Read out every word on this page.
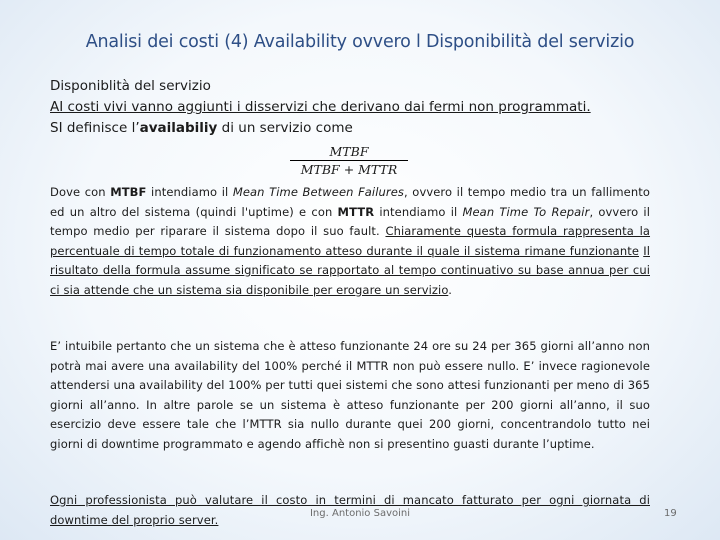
Analisi dei costi (4) Availability ovvero l Disponibilità del servizio
Disponiblità del servizio
AI costi vivi vanno aggiunti i disservizi che derivano dai fermi non programmati.
SI definisce l’availabiliy di un servizio come
MTBF
MTBF + MTTR
Dove con MTBF intendiamo il Mean Time Between Failures, ovvero il tempo medio tra un fallimento ed un altro del sistema (quindi l'uptime) e con MTTR intendiamo il Mean Time To Repair, ovvero il tempo medio per riparare il sistema dopo il suo fault. Chiaramente questa formula rappresenta la percentuale di tempo totale di funzionamento atteso durante il quale il sistema rimane funzionante Il risultato della formula assume significato se rapportato al tempo continuativo su base annua per cui ci sia attende che un sistema sia disponibile per erogare un servizio.
E’ intuibile pertanto che un sistema che è atteso funzionante 24 ore su 24 per 365 giorni all’anno non potrà mai avere una availability del 100% perché il MTTR non può essere nullo. E’ invece ragionevole attendersi una availability del 100% per tutti quei sistemi che sono attesi funzionanti per meno di 365 giorni all’anno. In altre parole se un sistema è atteso funzionante per 200 giorni all’anno, il suo esercizio deve essere tale che l’MTTR sia nullo durante quei 200 giorni, concentrandolo tutto nei giorni di downtime programmato e agendo affichè non si presentino guasti durante l’uptime.
Ogni professionista può valutare il costo in termini di mancato fatturato per ogni giornata di downtime del proprio server.	Ing. Antonio Savoini	19
